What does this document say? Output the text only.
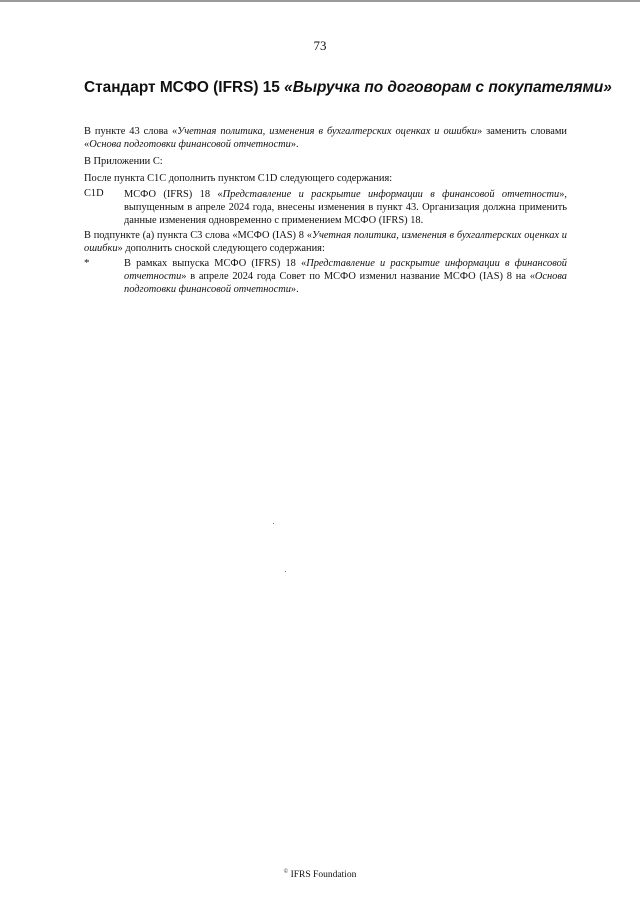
73
Стандарт МСФО (IFRS) 15 «Выручка по договорам с покупателями»
В пункте 43 слова «Учетная политика, изменения в бухгалтерских оценках и ошибки» заменить словами «Основа подготовки финансовой отчетности».
В Приложении С:
После пункта С1С дополнить пунктом С1D следующего содержания:
C1D МСФО (IFRS) 18 «Представление и раскрытие информации в финансовой отчетности», выпущенным в апреле 2024 года, внесены изменения в пункт 43. Организация должна применить данные изменения одновременно с применением МСФО (IFRS) 18.
В подпункте (а) пункта С3 слова «МСФО (IAS) 8 «Учетная политика, изменения в бухгалтерских оценках и ошибки» дополнить сноской следующего содержания:
*	В рамках выпуска МСФО (IFRS) 18 «Представление и раскрытие информации в финансовой отчетности» в апреле 2024 года Совет по МСФО изменил название МСФО (IAS) 8 на «Основа подготовки финансовой отчетности».
© IFRS Foundation
